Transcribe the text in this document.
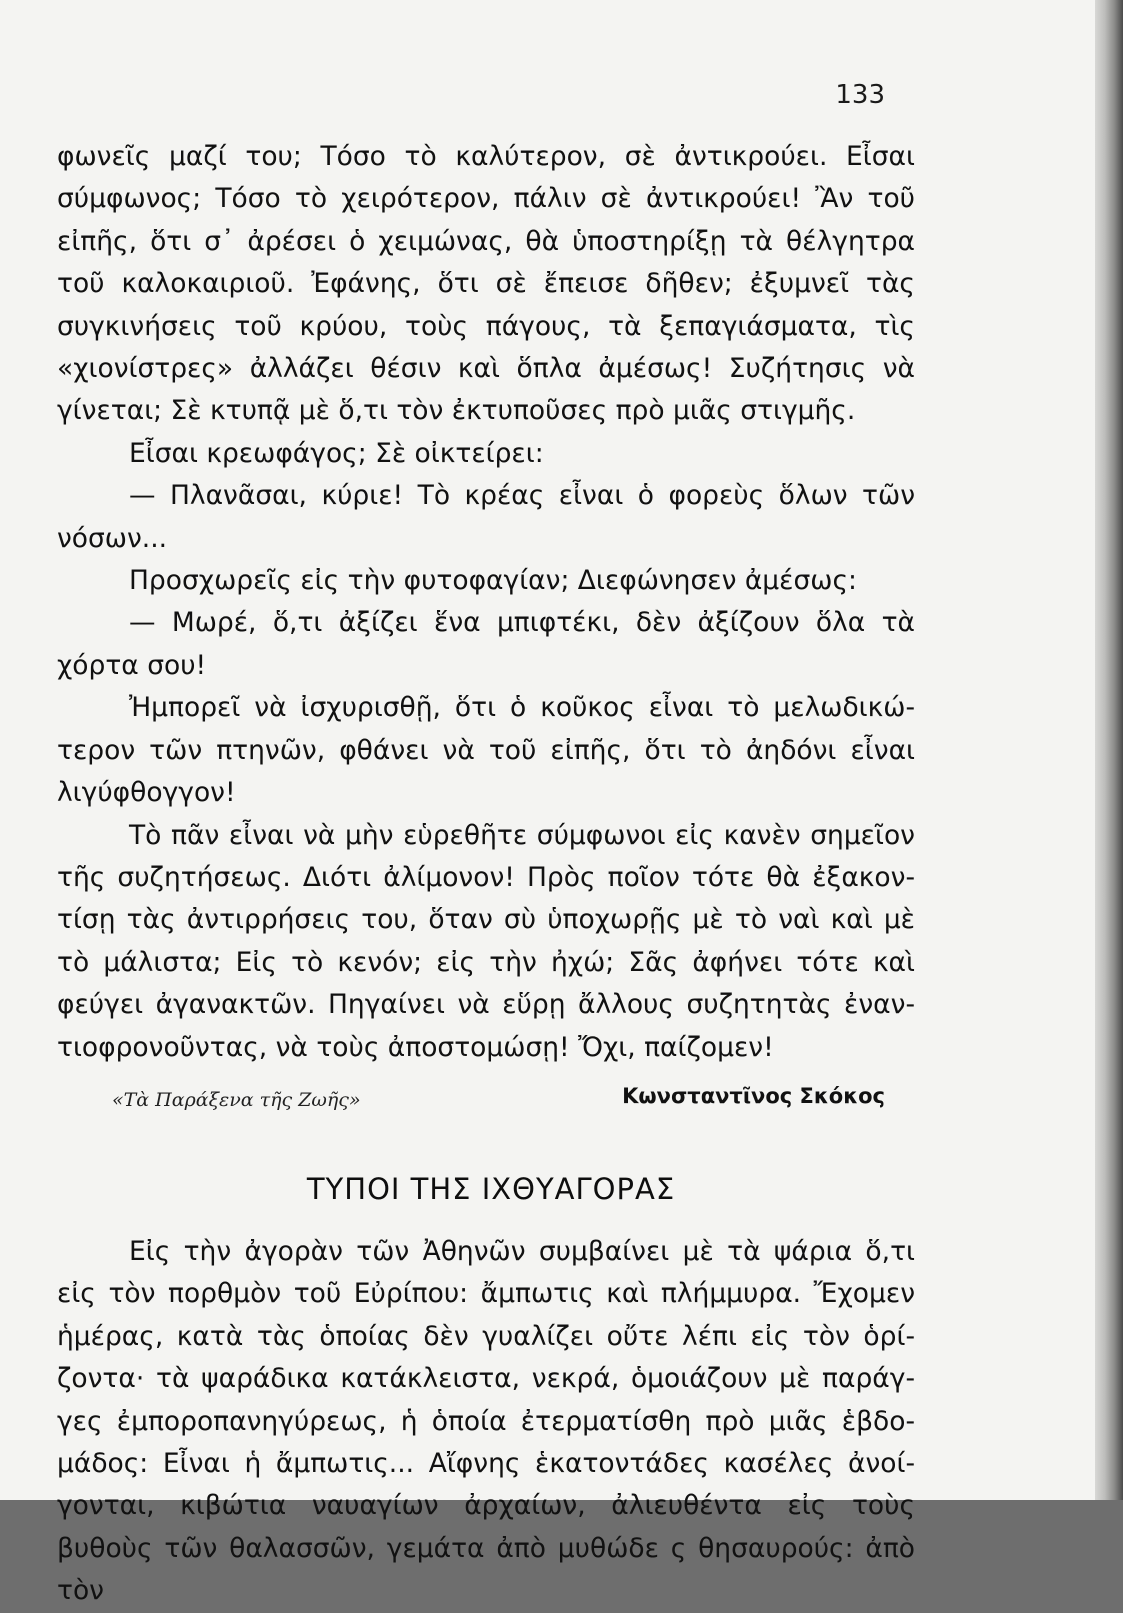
133

φωνεῖς μαζί του; Τόσο τὸ καλύτερον, σὲ ἀντικρούει. Εἶσαι σύμφωνος; Τόσο τὸ χειρότερον, πάλιν σὲ ἀντικρούει! Ἂν τοῦ εἰπῆς, ὅτι σ᾽ ἀρέσει ὁ χειμώνας, θὰ ὑποστηρίξῃ τὰ θέλγητρα τοῦ καλοκαιριοῦ. Ἐφάνης, ὅτι σὲ ἔπεισε δῆθεν; ἐξυμνεῖ τὰς συγκινήσεις τοῦ κρύου, τοὺς πάγους, τὰ ξεπαγιάσματα, τὶς «χιονίστρες» ἀλλάζει θέσιν καὶ ὅπλα ἀμέσως! Συζήτησις νὰ γίνεται; Σὲ κτυπᾷ μὲ ὅ,τι τὸν ἐκτυποῦσες πρὸ μιᾶς στιγμῆς.

Εἶσαι κρεωφάγος; Σὲ οἰκτείρει:

— Πλανᾶσαι, κύριε! Τὸ κρέας εἶναι ὁ φορεὺς ὅλων τῶν νόσων...

Προσχωρεῖς εἰς τὴν φυτοφαγίαν; Διεφώνησεν ἀμέσως:

— Μωρέ, ὅ,τι ἀξίζει ἕνα μπιφτέκι, δὲν ἀξίζουν ὅλα τὰ χόρτα σου!

Ἠμπορεῖ νὰ ἰσχυρισθῇ, ὅτι ὁ κοῦκος εἶναι τὸ μελωδικώτερον τῶν πτηνῶν, φθάνει νὰ τοῦ εἰπῆς, ὅτι τὸ ἀηδόνι εἶναι λιγύφθογγον!

Τὸ πᾶν εἶναι νὰ μὴν εὑρεθῆτε σύμφωνοι εἰς κανὲν σημεῖον τῆς συζητήσεως. Διότι ἀλίμονον! Πρὸς ποῖον τότε θὰ ἐξακοντίσῃ τὰς ἀντιρρήσεις του, ὅταν σὺ ὑποχωρῇς μὲ τὸ ναὶ καὶ μὲ τὸ μάλιστα; Εἰς τὸ κενόν; εἰς τὴν ἠχώ; Σᾶς ἀφήνει τότε καὶ φεύγει ἀγανακτῶν. Πηγαίνει νὰ εὕρῃ ἄλλους συζητητὰς ἐναντιοφρονοῦντας, νὰ τοὺς ἀποστομώσῃ! Ὄχι, παίζομεν!

«Τὰ Παράξενα τῆς Ζωῆς»	Κωνσταντῖνος Σκόκος
ΤΥΠΟΙ ΤΗΣ ΙΧΘΥΑΓΟΡΑΣ

Εἰς τὴν ἀγορὰν τῶν Ἀθηνῶν συμβαίνει μὲ τὰ ψάρια ὅ,τι εἰς τὸν πορθμὸν τοῦ Εὐρίπου: ἄμπωτις καὶ πλήμμυρα. Ἔχομεν ἡμέρας, κατὰ τὰς ὁποίας δὲν γυαλίζει οὔτε λέπι εἰς τὸν ὁρίζοντα· τὰ ψαράδικα κατάκλειστα, νεκρά, ὁμοιάζουν μὲ παράγγες ἐμποροπανηγύρεως, ἡ ὁποία ἐτερματίσθη πρὸ μιᾶς ἑβδομάδος: Εἶναι ἡ ἄμπωτις... Αἴφνης ἑκατοντάδες κασέλες ἀνοίγονται, κιβώτια ναυαγίων ἀρχαίων, ἀλιευθέντα εἰς τοὺς βυθοὺς τῶν θαλασσῶν, γεμάτα ἀπὸ μυθώδε ς θησαυρούς: ἀπὸ τὸν
